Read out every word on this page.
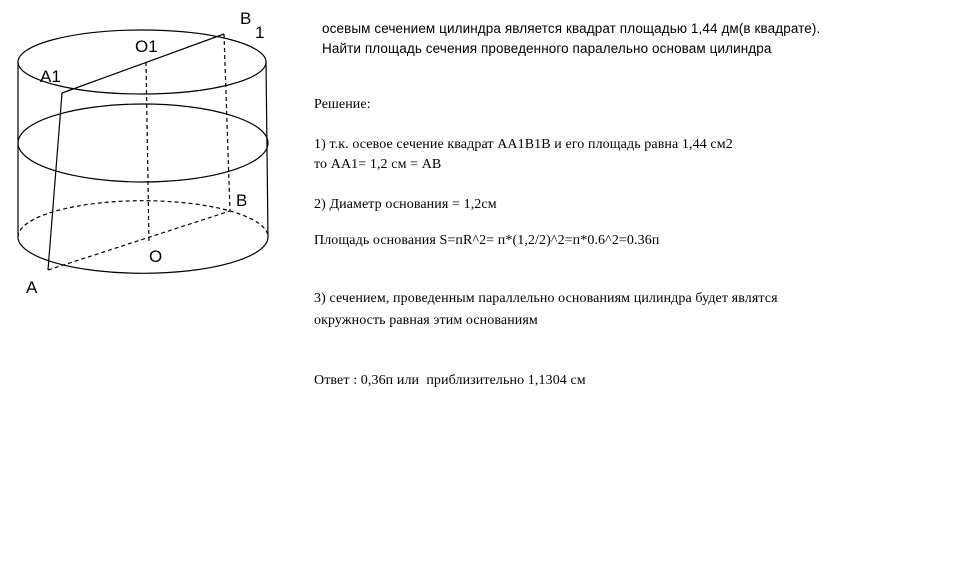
A1
O1
B
1
B
O
A
осевым сечением цилиндра является квадрат площадью 1,44 дм(в квадрате).
Найти площадь сечения проведенного паралельно основам цилиндра
Решение:
1) т.к. осевое сечение квадрат АА1В1В и его площадь равна 1,44 см2
то АА1= 1,2 см = АВ
2) Диаметр основания = 1,2см
Площадь основания S=пR^2= п*(1,2/2)^2=п*0.6^2=0.36п
3) сечением, проведенным параллельно основаниям цилиндра будет являтся
окружность равная этим основаниям
Ответ : 0,36п или  приблизительно 1,1304 см
